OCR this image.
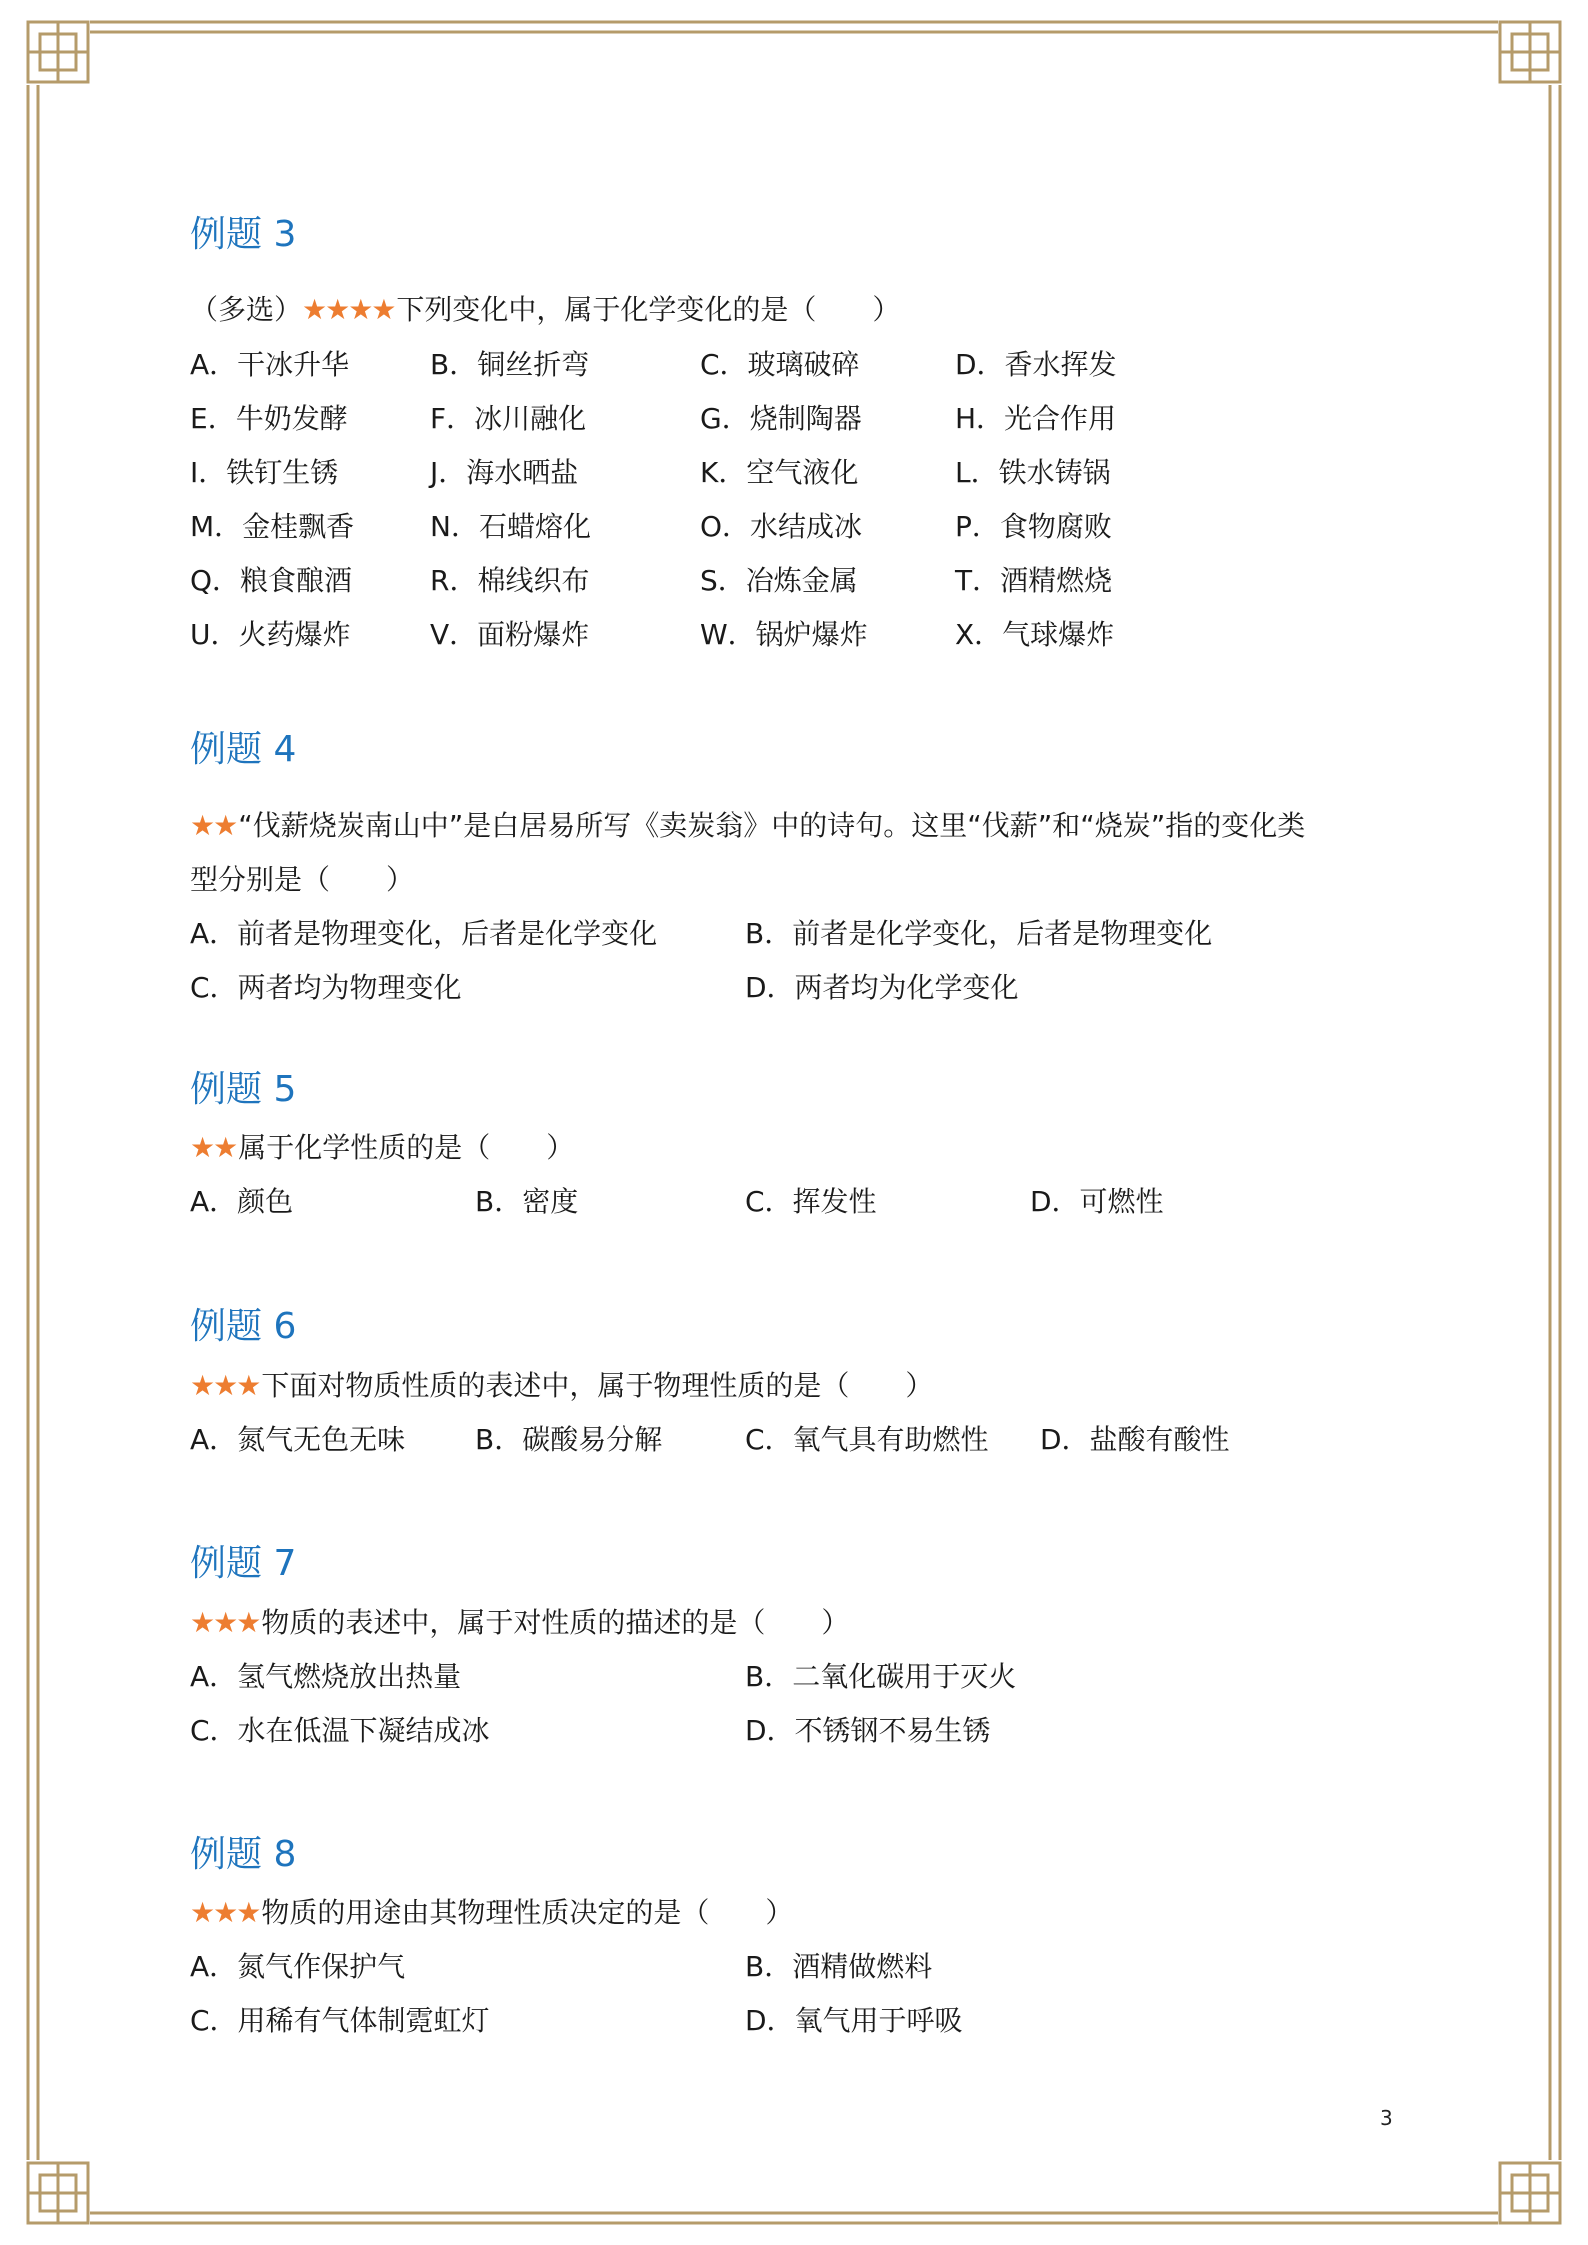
例题 3
（多选）★★★★下列变化中，属于化学变化的是（　　）
A．干冰升华	B．铜丝折弯	C．玻璃破碎	D．香水挥发
E．牛奶发酵	F．冰川融化	G．烧制陶器	H．光合作用
I．铁钉生锈	J．海水晒盐	K．空气液化	L．铁水铸锅
M．金桂飘香	N．石蜡熔化	O．水结成冰	P．食物腐败
Q．粮食酿酒	R．棉线织布	S．冶炼金属	T．酒精燃烧
U．火药爆炸	V．面粉爆炸	W．锅炉爆炸	X．气球爆炸
例题 4
★★“伐薪烧炭南山中”是白居易所写《卖炭翁》中的诗句。这里“伐薪”和“烧炭”指的变化类
型分别是（　　）
A．前者是物理变化，后者是化学变化	B．前者是化学变化，后者是物理变化
C．两者均为物理变化	D．两者均为化学变化
例题 5
★★属于化学性质的是（　　）
A．颜色	B．密度	C．挥发性	D．可燃性
例题 6
★★★下面对物质性质的表述中，属于物理性质的是（　　）
A．氮气无色无味 B．碳酸易分解	C．氧气具有助燃性 D．盐酸有酸性
例题 7
★★★物质的表述中，属于对性质的描述的是（　　）
A．氢气燃烧放出热量	B．二氧化碳用于灭火
C．水在低温下凝结成冰	D．不锈钢不易生锈
例题 8
★★★物质的用途由其物理性质决定的是（　　）
A．氮气作保护气	B．酒精做燃料
C．用稀有气体制霓虹灯	D．氧气用于呼吸
3
